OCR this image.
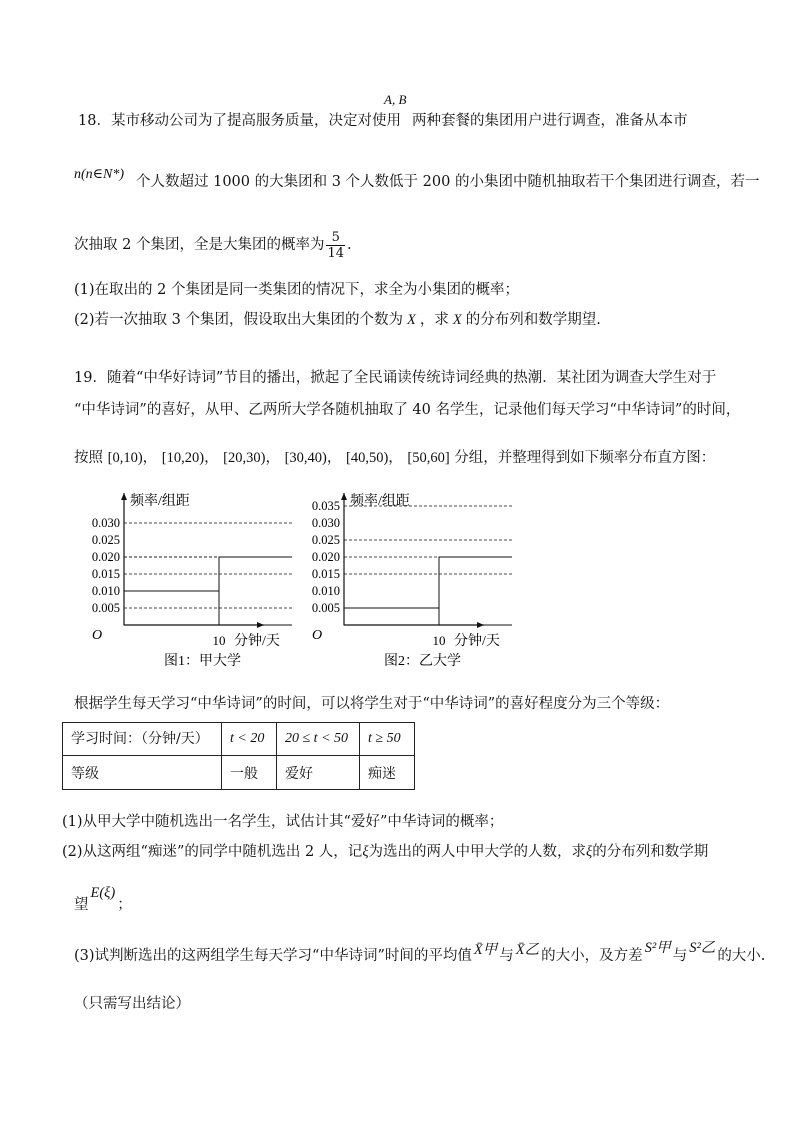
18．某市移动公司为了提高服务质量，决定对使用
A, B
两种套餐的集团用户进行调查，准备从本市
n(n∈N*) 个人数超过 1000 的大集团和 3 个人数低于 200 的小集团中随机抽取若干个集团进行调查，若一
次抽取 2 个集团，全是大集团的概率为 $\frac{5}{14}$ .
(1)在取出的 2 个集团是同一类集团的情况下，求全为小集团的概率；
(2)若一次抽取 3 个集团，假设取出大集团的个数为 X ，求 X 的分布列和数学期望.
19．随着“中华好诗词”节目的播出，掀起了全民诵读传统诗词经典的热潮．某社团为调查大学生对于
“中华诗词”的喜好，从甲、乙两所大学各随机抽取了 40 名学生，记录他们每天学习“中华诗词”的时间，
按照 [0,10)， [10,20)， [20,30)， [30,40)， [40,50)， [50,60] 分组，并整理得到如下频率分布直方图：
频率/组距
分钟/天
O
0.005
0.010
0.015
0.020
0.025
0.030
10
图1：甲大学
频率/组距
分钟/天
O
0.005
0.010
0.015
0.020
0.025
0.030
0.035
10
图2：乙大学
根据学生每天学习“中华诗词”的时间，可以将学生对于“中华诗词”的喜好程度分为三个等级：
学习时间：（分钟/天）	t < 20	20 ≤ t < 50	t ≥ 50
等级	一般	爱好	痴迷
(1)从甲大学中随机选出一名学生，试估计其“爱好”中华诗词的概率；
(2)从这两组“痴迷”的同学中随机选出 2 人，记ξ为选出的两人中甲大学的人数，求ξ的分布列和数学期
望E(ξ)；
(3)试判断选出的这两组学生每天学习“中华诗词”时间的平均值 X̄甲 与 X̄乙 的大小，及方差 S²甲 与 S²乙 的大小.
（只需写出结论）
